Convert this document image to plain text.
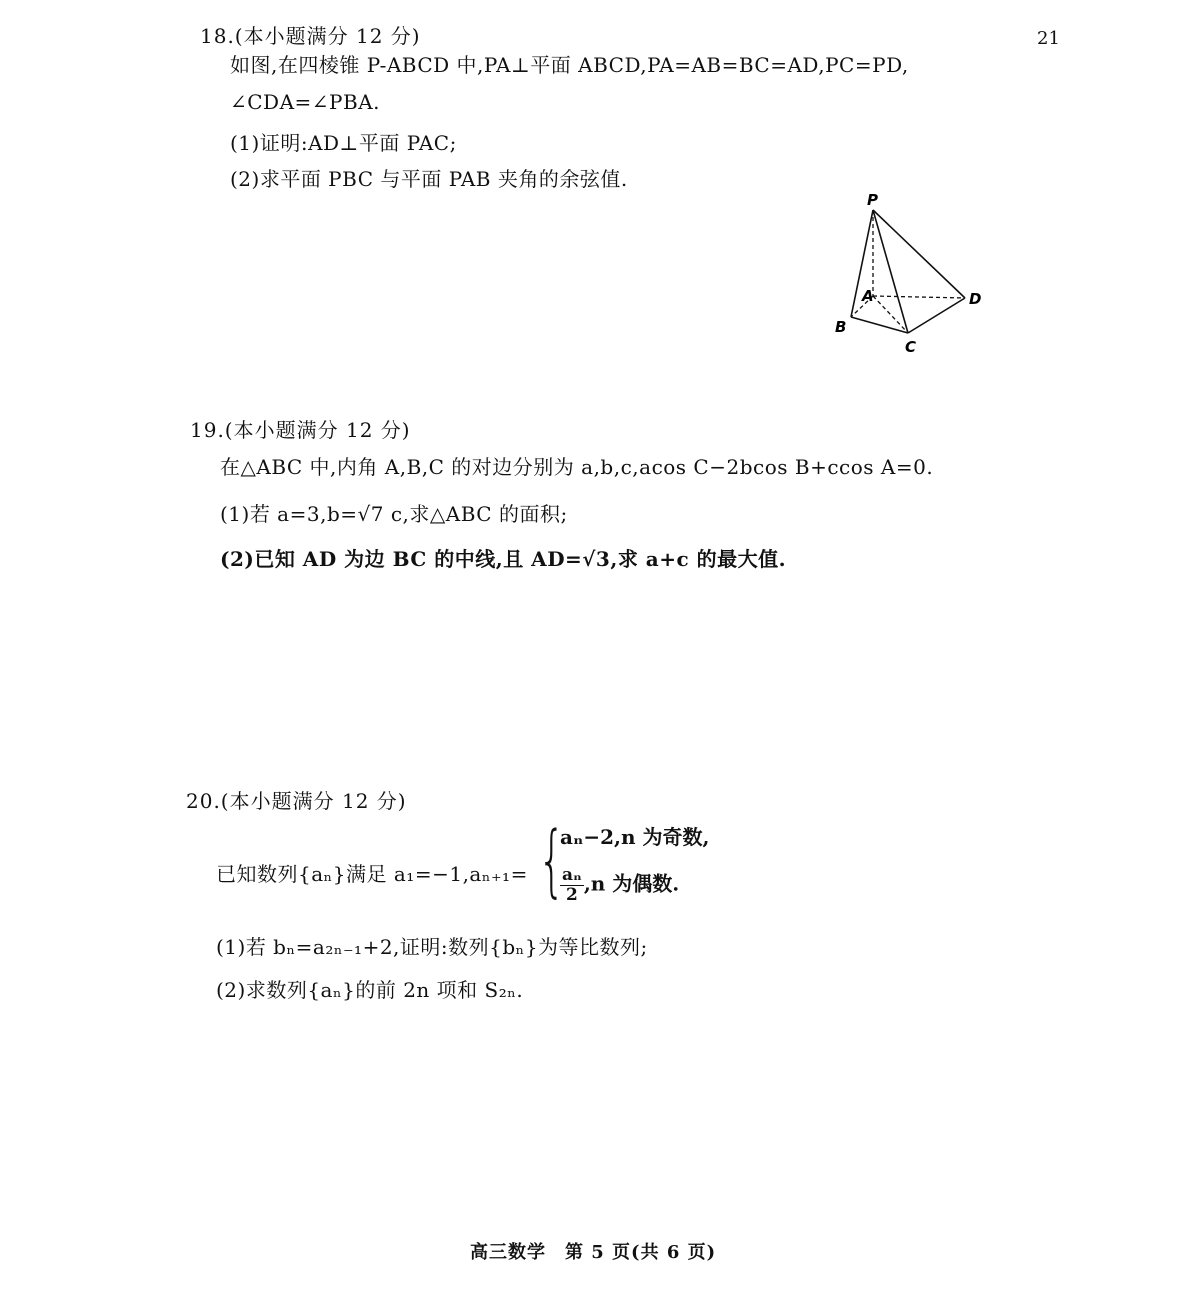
21
18.(本小题满分 12 分)
如图,在四棱锥 P-ABCD 中,PA⊥平面 ABCD,PA=AB=BC=AD,PC=PD,
∠CDA=∠PBA.
(1)证明:AD⊥平面 PAC;
(2)求平面 PBC 与平面 PAB 夹角的余弦值.
P
A
B
C
D
19.(本小题满分 12 分)
在△ABC 中,内角 A,B,C 的对边分别为 a,b,c,acos C−2bcos B+ccos A=0.
(1)若 a=3,b=√7 c,求△ABC 的面积;
(2)已知 AD 为边 BC 的中线,且 AD=√3,求 a+c 的最大值.
20.(本小题满分 12 分)
已知数列{aₙ}满足 a₁=−1,aₙ₊₁= {
aₙ−2,n 为奇数,
$\frac{\text{aₙ}}{2} ,n$ 为偶数.
(1)若 bₙ=a₂ₙ₋₁+2,证明:数列{bₙ}为等比数列;
(2)求数列{aₙ}的前 2n 项和 S₂ₙ.
高三数学　第 5 页(共 6 页)
